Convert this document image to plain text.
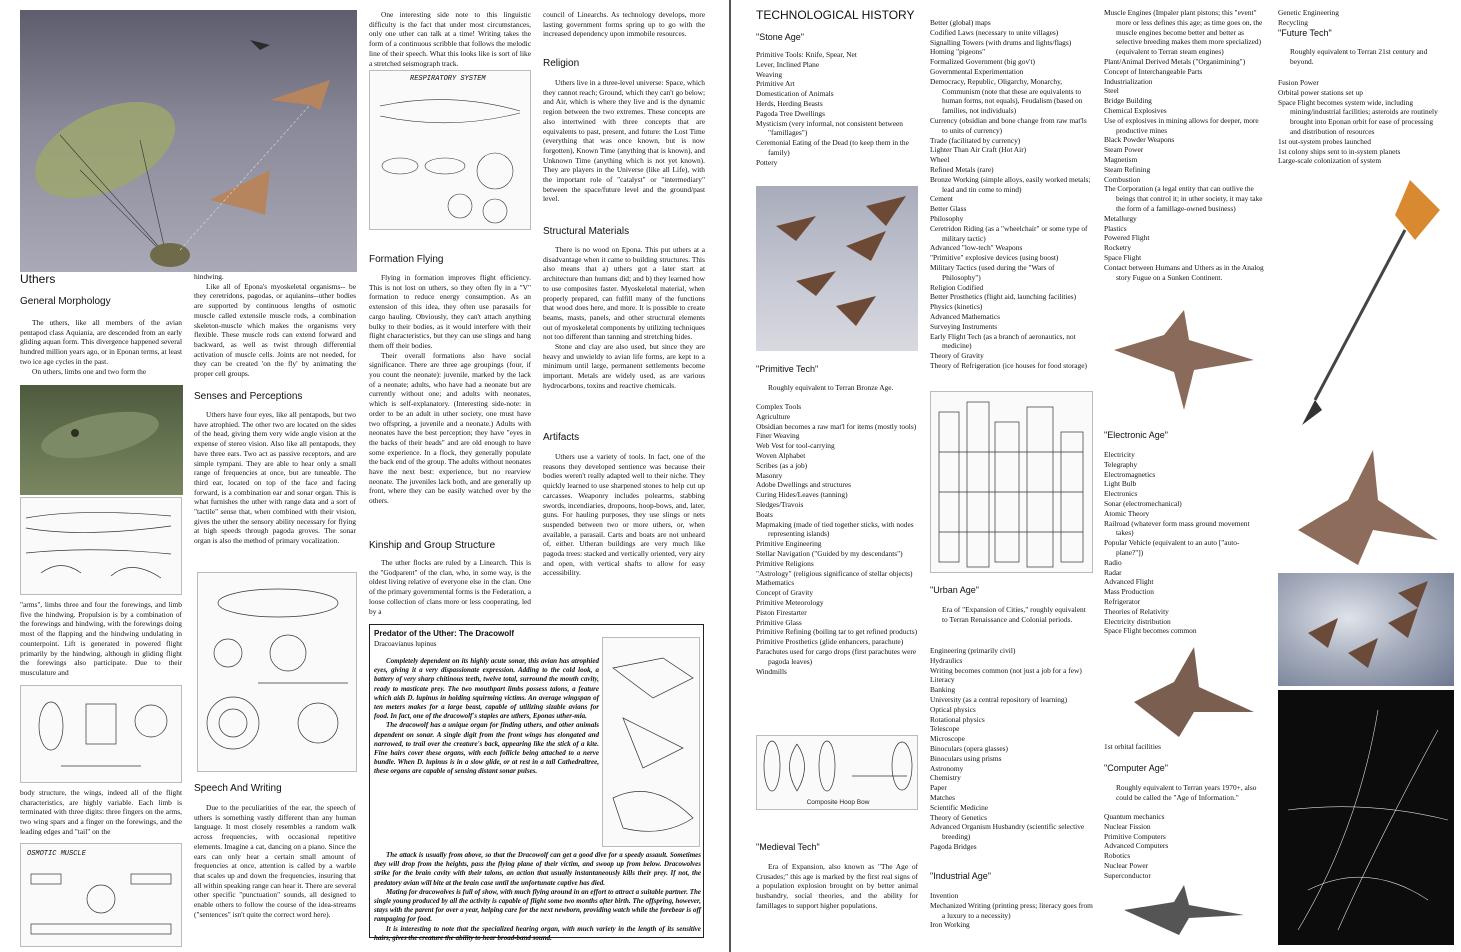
Uthers
General Morphology

The uthers, like all members of the avian pentapod class Aquiania, are descended from an early gliding aquan form. This divergence happened several hundred million years ago, or in Eponan terms, at least two ice age cycles in the past.

On uthers, limbs one and two form the

"arms", limbs three and four the forewings, and limb five the hindwing. Propulsion is by a combination of the forewings and hindwing, with the forewings doing most of the flapping and the hindwing undulating in counterpoint. Lift is generated in powered flight primarily by the hindwing, although in gliding flight the forewings also participate. Due to their musculature and

body structure, the wings, indeed all of the flight characteristics, are highly variable. Each limb is terminated with three digits: three fingers on the arms, two wing spars and a finger on the forewings, and the leading edges and "tail" on the

OSMOTIC MUSCLE

hindwing.

Like all of Epona's myoskeletal organisms-- be they ceretridons, pagodas, or aquianins--uther bodies are supported by continuous lengths of osmotic muscle called extensile muscle rods, a combination skeleton-muscle which makes the organisms very flexible. These muscle rods can extend forward and backward, as well as twist through differential activation of muscle cells. Joints are not needed, for they can be created 'on the fly' by animating the proper cell groups.

Senses and Perceptions

Uthers have four eyes, like all pentapods, but two have atrophied. The other two are located on the sides of the head, giving them very wide angle vision at the expense of stereo vision. Also like all pentapods, they have three ears. Two act as passive receptors, and are simple tympani. They are able to hear only a small range of frequencies at once, but are tuneable. The third ear, located on top of the face and facing forward, is a combination ear and sonar organ. This is what furnishes the uther with range data and a sort of "tactile" sense that, when combined with their vision, gives the uther the sensory ability necessary for flying at high speeds through pagoda groves. The sonar organ is also the method of primary vocalization.

Speech And Writing

Due to the peculiarities of the ear, the speech of uthers is something vastly different than any human language. It most closely resembles a random walk across frequencies, with occasional repetitive elements. Imagine a cat, dancing on a piano. Since the ears can only hear a certain small amount of frequencies at once, attention is called by a warble that scales up and down the frequencies, insuring that all within speaking range can hear it. There are several other specific "punctuation" sounds, all designed to enable others to follow the course of the idea-streams ("sentences" isn't quite the correct word here).

One interesting side note to this linguistic difficulty is the fact that under most circumstances, only one uther can talk at a time! Writing takes the form of a continuous scribble that follows the melodic line of their speech. What this looks like is sort of like a stretched seismograph track.

RESPIRATORY SYSTEM
Formation Flying

Flying in formation improves flight efficiency. This is not lost on uthers, so they often fly in a "V" formation to reduce energy consumption. As an extension of this idea, they often use parasails for cargo hauling. Obviously, they can't attach anything bulky to their bodies, as it would interfere with their flight characteristics, but they can use slings and hang them off their bodies.

Their overall formations also have social significance. There are three age groupings (four, if you count the neonate): juvenile, marked by the lack of a neonate; adults, who have had a neonate but are currently without one; and adults with neonates, which is self-explanatory. (Interesting side-note: in order to be an adult in uther society, one must have two offspring, a juvenile and a neonate.) Adults with neonates have the best perception; they have "eyes in the backs of their heads" and are old enough to have some experience. In a flock, they generally populate the back end of the group. The adults without neonates have the next best: experience, but no rearview neonate. The juveniles lack both, and are generally up front, where they can be easily watched over by the others.

Kinship and Group Structure

The uther flocks are ruled by a Linearch. This is the "Godparent" of the clan, who, in some way, is the oldest living relative of everyone else in the clan. One of the primary governmental forms is the Federation, a loose collection of clans more or less cooperating, led by a

council of Linearchs. As technology develops, more lasting government forms spring up to go with the increased dependency upon immobile resources.

Religion

Uthers live in a three-level universe: Space, which they cannot reach; Ground, which they can't go below; and Air, which is where they live and is the dynamic region between the two extremes. These concepts are also intertwined with three concepts that are equivalents to past, present, and future: the Lost Time (everything that was once known, but is now forgotten), Known Time (anything that is known), and Unknown Time (anything which is not yet known). They are players in the Universe (like all Life), with the important role of "catalyst" or "intermediary" between the space/future level and the ground/past level.

Structural Materials

There is no wood on Epona. This put uthers at a disadvantage when it came to building structures. This also means that a) uthers got a later start at architecture than humans did; and b) they learned how to use composites faster. Myoskeletal material, when properly prepared, can fulfill many of the functions that wood does here, and more. It is possible to create beams, masts, panels, and other structural elements out of myoskeletal components by utilizing techniques not too different than tanning and stretching hides.

Stone and clay are also used, but since they are heavy and unwieldy to avian life forms, are kept to a minimum until large, permanent settlements become important. Metals are widely used, as are various hydrocarbons, toxins and reactive chemicals.

Artifacts

Uthers use a variety of tools. In fact, one of the reasons they developed sentience was because their bodies weren't really adapted well to their niche. They quickly learned to use sharpened stones to help cut up carcasses. Weaponry includes polearms, stabbing swords, incendiaries, dropoons, hoop-bows, and, later, guns. For hauling purposes, they use slings or nets suspended between two or more uthers, or, when available, a parasail. Carts and boats are not unheard of, either. Utheran buildings are very much like pagoda trees: stacked and vertically oriented, very airy and open, with vertical shafts to allow for easy accessibility.

Predator of the Uther: The Dracowolf
Dracoavianus lupinus

Completely dependent on its highly acute sonar, this avian has atrophied eyes, giving it a very dispassionate expression. Adding to the cold look, a battery of very sharp chitinous teeth, twelve total, surround the mouth cavity, ready to masticate prey. The two mouthpart limbs possess talons, a feature which aids D. lupinus in holding squirming victims. An average wingspan of ten meters makes for a large beast, capable of utilizing sizable avians for food. In fact, one of the dracowolf's staples are uthers, Eponas uther-mia.

The dracowolf has a unique organ for finding uthers, and other animals dependent on sonar. A single digit from the front wings has elongated and narrowed, to trail over the creature's back, appearing like the stick of a kite. Fine hairs cover these organs, with each follicle being attached to a nerve bundle. When D. lupinus is in a slow glide, or at rest in a tall Cathedraltree, these organs are capable of sensing distant sonar pulses.

The attack is usually from above, so that the Dracowolf can get a good dive for a speedy assault. Sometimes they will drop from the heights, pass the flying plane of their victim, and swoop up from below. Dracowolves strike for the brain cavity with their talons, an action that usually instantaneously kills their prey. If not, the predatory avian will bite at the brain case until the unfortunate captive has died.

Mating for dracowolves is full of show, with much flying around in an effort to attract a suitable partner. The single young produced by all the activity is capable of flight some two months after birth. The offspring, however, stays with the parent for over a year, helping care for the next newborn, providing watch while the forebear is off rampaging for food.

It is interesting to note that the specialized hearing organ, with much variety in the length of its sensitive hairs, gives the creature the ability to hear broad-band sound.

TECHNOLOGICAL HISTORY
"Stone Age"
Primitive Tools: Knife, Spear, Net
Lever, Inclined Plane
Weaving
Primitive Art
Domestication of Animals
Herds, Herding Beasts
Pagoda Tree Dwellings
Mysticism (very informal, not consistent between "famillages")
Ceremonial Eating of the Dead (to keep them in the family)
Pottery
"Primitive Tech"
Roughly equivalent to Terran Bronze Age.
Complex Tools
Agriculture
Obsidian becomes a raw mat'l for items (mostly tools)
Finer Weaving
Web Vest for tool-carrying
Woven Alphabet
Scribes (as a job)
Masonry
Adobe Dwellings and structures
Curing Hides/Leaves (tanning)
Sledges/Travois
Boats
Mapmaking (made of tied together sticks, with nodes representing islands)
Primitive Engineering
Stellar Navigation ("Guided by my descendants")
Primitive Religions
"Astrology" (religious significance of stellar objects)
Mathematics
Concept of Gravity
Primitive Meteorology
Piston Firestarter
Primitive Glass
Primitive Refining (boiling tar to get refined products)
Primitive Prosthetics (glide enhancers, parachute)
Parachutes used for cargo drops (first parachutes were pagoda leaves)
Windmills
Composite Hoop Bow
"Medieval Tech"

Era of Expansion, also known as "The Age of Crusades;" this age is marked by the first real signs of a population explosion brought on by better animal husbandry, social theories, and the ability for famillages to support higher populations.

Better (global) maps
Codified Laws (necessary to unite villages)
Signalling Towers (with drums and lights/flags)
Homing "pigeons"
Formalized Government (big gov't)
Governmental Experimentation
Democracy, Republic, Oligarchy, Monarchy, Communism (note that these are equivalents to human forms, not equals), Feudalism (based on families, not individuals)
Currency (obsidian and bone change from raw mat'ls to units of currency)
Trade (facilitated by currency)
Lighter Than Air Craft (Hot Air)
Wheel
Refined Metals (rare)
Bronze Working (simple alloys, easily worked metals; lead and tin come to mind)
Cement
Better Glass
Philosophy
Ceretridon Riding (as a "wheelchair" or some type of military tactic)
Advanced "low-tech" Weapons
"Primitive" explosive devices (using boost)
Military Tactics (used during the "Wars of Philosophy")
Religion Codified
Better Prosthetics (flight aid, launching facilities)
Physics (kinetics)
Advanced Mathematics
Surveying Instruments
Early Flight Tech (as a branch of aeronautics, not medicine)
Theory of Gravity
Theory of Refrigeration (ice houses for food storage)
"Urban Age"
Era of "Expansion of Cities," roughly equivalent to Terran Renaissance and Colonial periods.
Engineering (primarily civil)
Hydraulics
Writing becomes common (not just a job for a few)
Literacy
Banking
University (as a central repository of learning)
Optical physics
Rotational physics
Telescope
Microscope
Binoculars (opera glasses)
Binoculars using prisms
Astronomy
Chemistry
Paper
Matches
Scientific Medicine
Theory of Genetics
Advanced Organism Husbandry (scientific selective breeding)
Pagoda Bridges
"Industrial Age"
Invention
Mechanized Writing (printing press; literacy goes from a luxury to a necessity)
Iron Working
Muscle Engines (Impaler plant pistons; this "event" more or less defines this age; as time goes on, the muscle engines become better and better as selective breeding makes them more specialized) (equivalent to Terran steam engines)
Plant/Animal Derived Metals ("Organimining")
Concept of Interchangeable Parts
Industrialization
Steel
Bridge Building
Chemical Explosives
Use of explosives in mining allows for deeper, more productive mines
Black Powder Weapons
Steam Power
Magnetism
Steam Refining
Combustion
The Corporation (a legal entity that can outlive the beings that control it; in uther society, it may take the form of a famillage-owned business)
Metallurgy
Plastics
Powered Flight
Rocketry
Space Flight
Contact between Humans and Uthers as in the Analog story Fugue on a Sunken Continent.
"Electronic Age"
Electricity
Telegraphy
Electromagnetics
Light Bulb
Electronics
Sonar (electromechanical)
Atomic Theory
Railroad (whatever form mass ground movement takes)
Popular Vehicle (equivalent to an auto ["auto-plane?"])
Radio
Radar
Advanced Flight
Mass Production
Refrigerator
Theories of Relativity
Electricity distribution
Space Flight becomes common
1st orbital facilities
"Computer Age"
Roughly equivalent to Terran years 1970+, also could be called the "Age of Information."
Quantum mechanics
Nuclear Fission
Primitive Computers
Advanced Computers
Robotics
Nuclear Power
Superconductor
Genetic Engineering
Recycling
"Future Tech"
Roughly equivalent to Terran 21st century and beyond.
Fusion Power
Orbital power stations set up
Space Flight becomes system wide, including mining/industrial facilities; asteroids are routinely brought into Eponan orbit for ease of processing and distribution of resources
1st out-system probes launched
1st colony ships sent to in-system planets
Large-scale colonization of system
